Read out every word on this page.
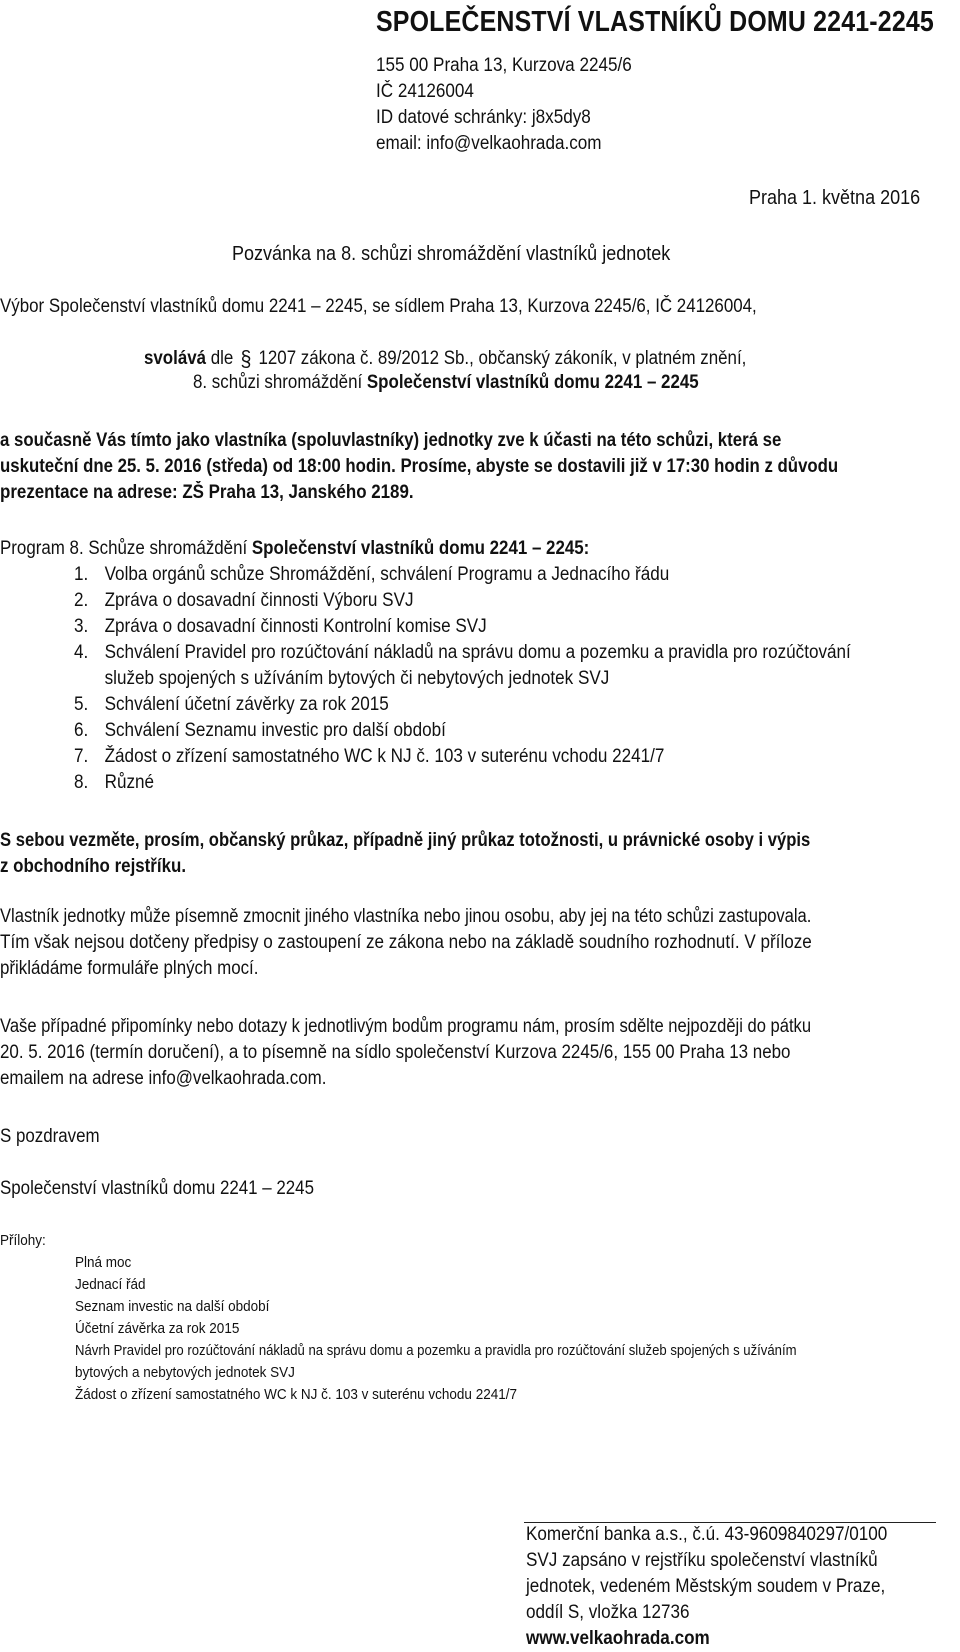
SPOLEČENSTVÍ VLASTNÍKŮ DOMU 2241-2245
155 00 Praha 13, Kurzova 2245/6
IČ 24126004
ID datové schránky: j8x5dy8
email: info@velkaohrada.com
Praha 1. května 2016
Pozvánka na 8. schůzi shromáždění vlastníků jednotek
Výbor Společenství vlastníků domu 2241 – 2245, se sídlem Praha 13, Kurzova 2245/6, IČ 24126004,
svolává dle § 1207 zákona č. 89/2012 Sb., občanský zákoník, v platném znění,
8. schůzi shromáždění Společenství vlastníků domu 2241 – 2245
a současně Vás tímto jako vlastníka (spoluvlastníky) jednotky zve k účasti na této schůzi, která se
uskuteční dne 25. 5. 2016 (středa) od 18:00 hodin. Prosíme, abyste se dostavili již v 17:30 hodin z důvodu
prezentace na adrese: ZŠ Praha 13, Janského 2189.
Program 8. Schůze shromáždění Společenství vlastníků domu 2241 – 2245:
1. Volba orgánů schůze Shromáždění, schválení Programu a Jednacího řádu
2. Zpráva o dosavadní činnosti Výboru SVJ
3. Zpráva o dosavadní činnosti Kontrolní komise SVJ
4. Schválení Pravidel pro rozúčtování nákladů na správu domu a pozemku a pravidla pro rozúčtování
služeb spojených s užíváním bytových či nebytových jednotek SVJ
5. Schválení účetní závěrky za rok 2015
6. Schválení Seznamu investic pro další období
7. Žádost o zřízení samostatného WC k NJ č. 103 v suterénu vchodu 2241/7
8. Různé
S sebou vezměte, prosím, občanský průkaz, případně jiný průkaz totožnosti, u právnické osoby i výpis
z obchodního rejstříku.
Vlastník jednotky může písemně zmocnit jiného vlastníka nebo jinou osobu, aby jej na této schůzi zastupovala.
Tím však nejsou dotčeny předpisy o zastoupení ze zákona nebo na základě soudního rozhodnutí. V příloze
přikládáme formuláře plných mocí.
Vaše případné připomínky nebo dotazy k jednotlivým bodům programu nám, prosím sdělte nejpozději do pátku
20. 5. 2016 (termín doručení), a to písemně na sídlo společenství Kurzova 2245/6, 155 00 Praha 13 nebo
emailem na adrese info@velkaohrada.com.
S pozdravem
Společenství vlastníků domu 2241 – 2245
Přílohy:
Plná moc
Jednací řád
Seznam investic na další období
Účetní závěrka za rok 2015
Návrh Pravidel pro rozúčtování nákladů na správu domu a pozemku a pravidla pro rozúčtování služeb spojených s užíváním
bytových a nebytových jednotek SVJ
Žádost o zřízení samostatného WC k NJ č. 103 v suterénu vchodu 2241/7
Komerční banka a.s., č.ú. 43-9609840297/0100
SVJ zapsáno v rejstříku společenství vlastníků
jednotek, vedeném Městským soudem v Praze,
oddíl S, vložka 12736
www.velkaohrada.com
